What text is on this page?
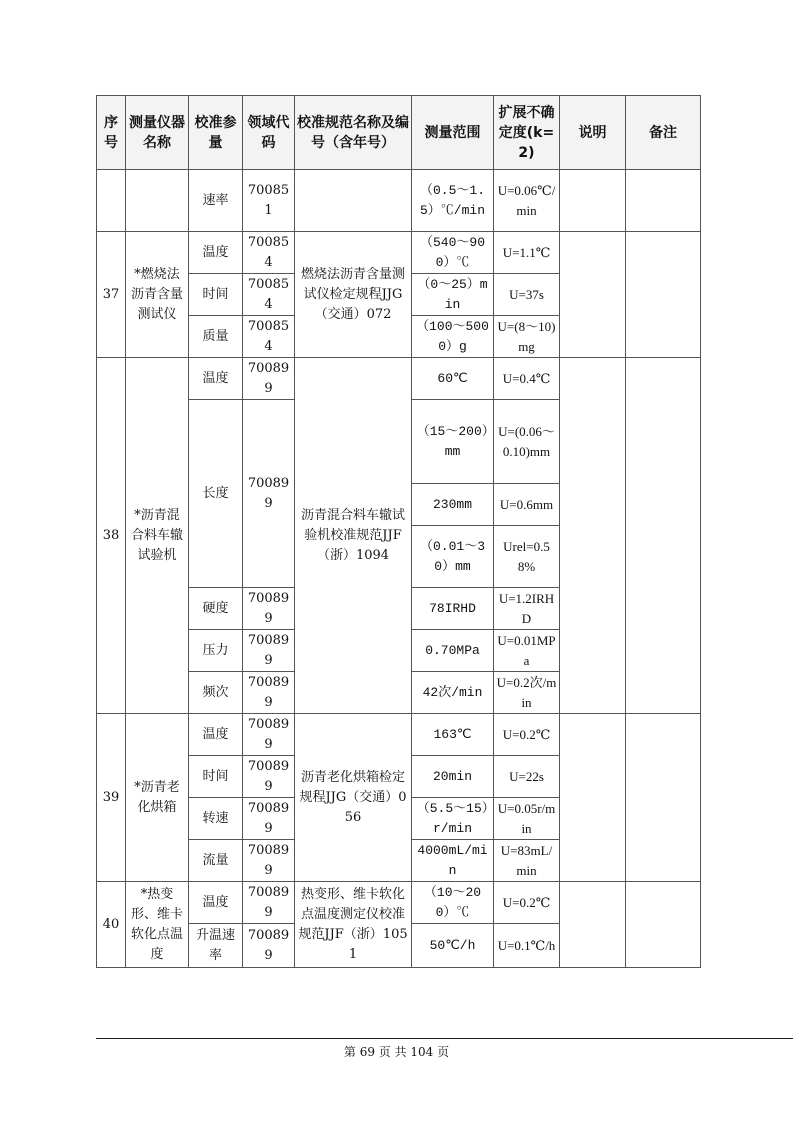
序号	测量仪器名称	校准参量	领域代码	校准规范名称及编号（含年号）	测量范围	扩展不确定度(k=2)	说明	备注
		速率	700851		（0.5～1.5）℃/min	U=0.06℃/min		
37	*燃烧法沥青含量测试仪	温度	700854	燃烧法沥青含量测试仪检定规程JJG（交通）072	（540～900）℃	U=1.1℃		
		时间	700854		（0～25）min	U=37s		
		质量	700854		（100～5000）g	U=(8～10)mg		
38	*沥青混合料车辙试验机	温度	700899	沥青混合料车辙试验机校准规范JJF（浙）1094	60℃	U=0.4℃		
		长度	700899		（15～200）mm	U=(0.06～0.10)mm		
					230mm	U=0.6mm		
					（0.01～30）mm	Urel=0.58%		
		硬度	700899		78IRHD	U=1.2IRHD		
		压力	700899		0.70MPa	U=0.01MPa		
		频次	700899		42次/min	U=0.2次/min		
39	*沥青老化烘箱	温度	700899	沥青老化烘箱检定规程JJG（交通）056	163℃	U=0.2℃		
		时间	700899		20min	U=22s		
		转速	700899		（5.5～15）r/min	U=0.05r/min		
		流量	700899		4000mL/min	U=83mL/min		
40	*热变形、维卡软化点温度	温度	700899	热变形、维卡软化点温度测定仪校准规范JJF（浙）1051	（10～200）℃	U=0.2℃		
		升温速率	700899		50℃/h	U=0.1℃/h		
第 69 页 共 104 页
